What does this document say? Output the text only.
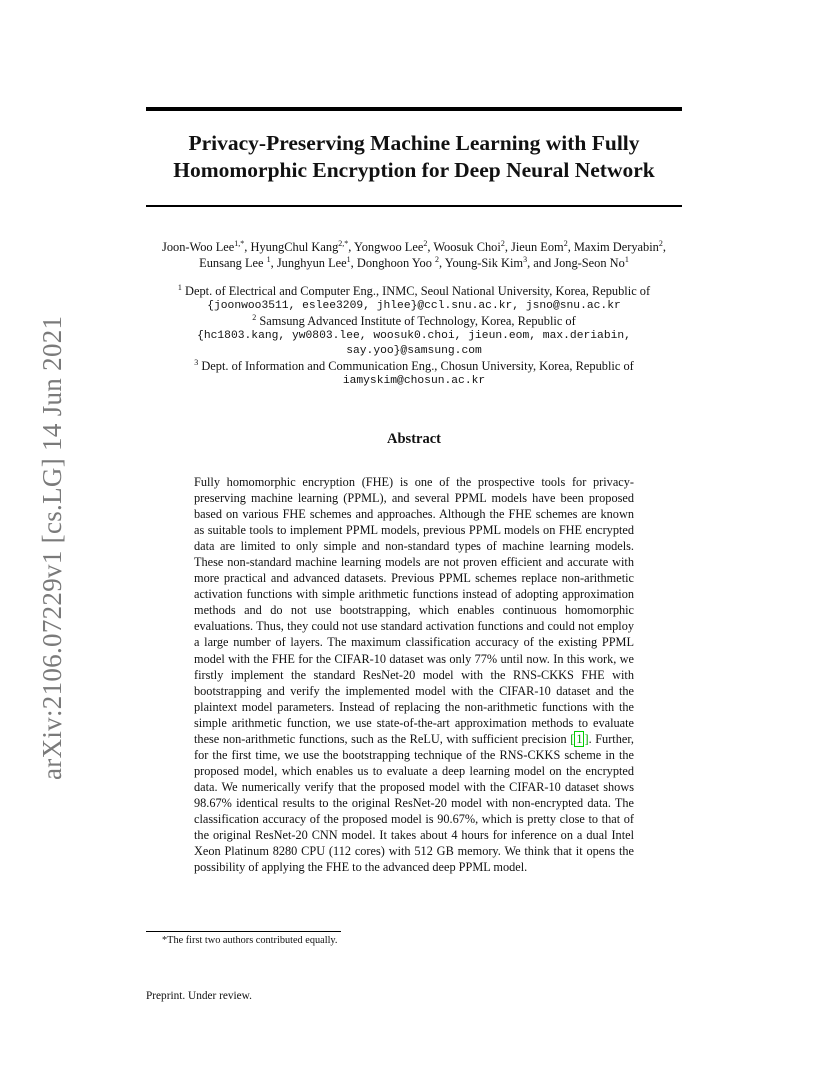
arXiv:2106.07229v1 [cs.LG] 14 Jun 2021
Privacy-Preserving Machine Learning with Fully
Homomorphic Encryption for Deep Neural Network

Joon-Woo Lee$^{1,*}$, HyungChul Kang$^{2,*}$, Yongwoo Lee$^2$, Woosuk Choi$^2$, Jieun Eom$^2$, Maxim Deryabin$^2$, Eunsang Lee $^1$, Junghyun Lee$^1$, Donghoon Yoo $^2$, Young-Sik Kim$^3$, and Jong-Seon No$^1$

$^1$ Dept. of Electrical and Computer Eng., INMC, Seoul National University, Korea, Republic of

{joonwoo3511, eslee3209, jhlee}@ccl.snu.ac.kr, jsno@snu.ac.kr

$^2$ Samsung Advanced Institute of Technology, Korea, Republic of

{hc1803.kang, yw0803.lee, woosuk0.choi, jieun.eom, max.deriabin, say.yoo}@samsung.com

$^3$ Dept. of Information and Communication Eng., Chosun University, Korea, Republic of

iamyskim@chosun.ac.kr

Abstract

Fully homomorphic encryption (FHE) is one of the prospective tools for privacy-preserving machine learning (PPML), and several PPML models have been proposed based on various FHE schemes and approaches. Although the FHE schemes are known as suitable tools to implement PPML models, previous PPML models on FHE encrypted data are limited to only simple and non-standard types of machine learning models. These non-standard machine learning models are not proven efficient and accurate with more practical and advanced datasets. Previous PPML schemes replace non-arithmetic activation functions with simple arithmetic functions instead of adopting approximation methods and do not use bootstrapping, which enables continuous homomorphic evaluations. Thus, they could not use standard activation functions and could not employ a large number of layers. The maximum classification accuracy of the existing PPML model with the FHE for the CIFAR-10 dataset was only 77% until now. In this work, we firstly implement the standard ResNet-20 model with the RNS-CKKS FHE with bootstrapping and verify the implemented model with the CIFAR-10 dataset and the plaintext model parameters. Instead of replacing the non-arithmetic functions with the simple arithmetic function, we use state-of-the-art approximation methods to evaluate these non-arithmetic functions, such as the ReLU, with sufficient precision [ 1 ]. Further, for the first time, we use the bootstrapping technique of the RNS-CKKS scheme in the proposed model, which enables us to evaluate a deep learning model on the encrypted data. We numerically verify that the proposed model with the CIFAR-10 dataset shows 98.67% identical results to the original ResNet-20 model with non-encrypted data. The classification accuracy of the proposed model is 90.67%, which is pretty close to that of the original ResNet-20 CNN model. It takes about 4 hours for inference on a dual Intel Xeon Platinum 8280 CPU (112 cores) with 512 GB memory. We think that it opens the possibility of applying the FHE to the advanced deep PPML model.

*The first two authors contributed equally.

Preprint. Under review.
